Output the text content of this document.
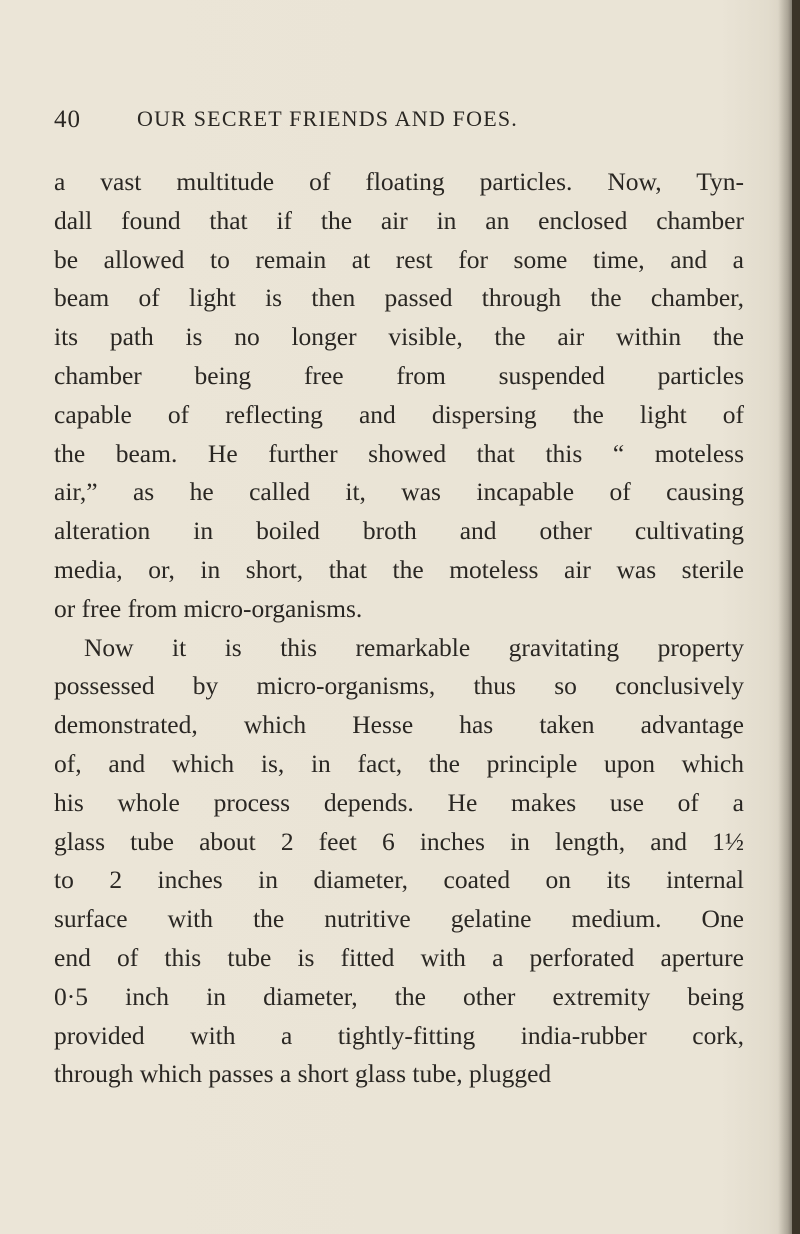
40	OUR SECRET FRIENDS AND FOES.
a vast multitude of floating particles. Now, Tyn-
dall found that if the air in an enclosed chamber
be allowed to remain at rest for some time, and a
beam of light is then passed through the chamber,
its path is no longer visible, the air within the
chamber being free from suspended particles
capable of reflecting and dispersing the light of
the beam. He further showed that this “ moteless
air,” as he called it, was incapable of causing
alteration in boiled broth and other cultivating
media, or, in short, that the moteless air was sterile
or free from micro-organisms.
Now it is this remarkable gravitating property
possessed by micro-organisms, thus so conclusively
demonstrated, which Hesse has taken advantage
of, and which is, in fact, the principle upon which
his whole process depends. He makes use of a
glass tube about 2 feet 6 inches in length, and 1½
to 2 inches in diameter, coated on its internal
surface with the nutritive gelatine medium. One
end of this tube is fitted with a perforated aperture
0·5 inch in diameter, the other extremity being
provided with a tightly-fitting india-rubber cork,
through which passes a short glass tube, plugged
